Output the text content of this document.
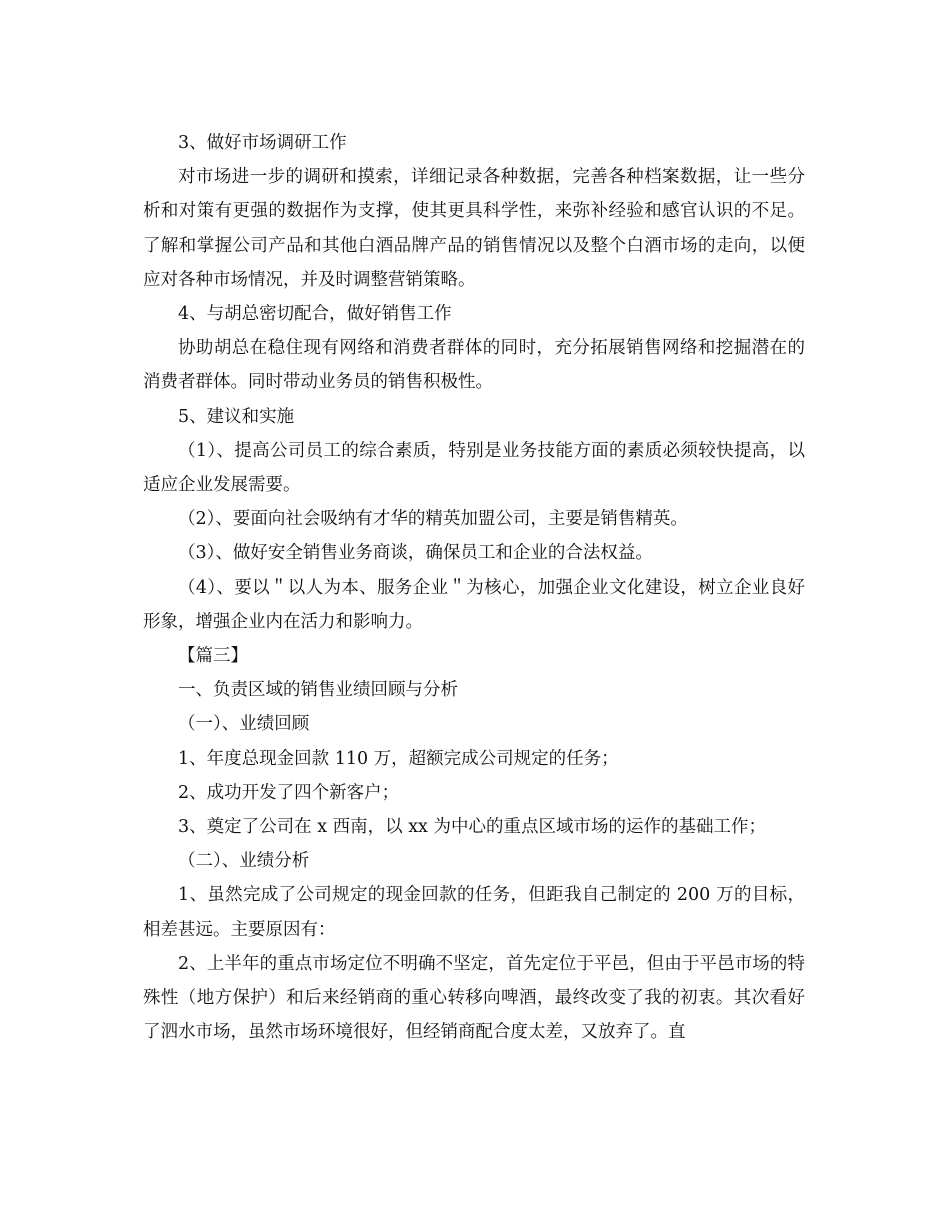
3、做好市场调研工作

对市场进一步的调研和摸索，详细记录各种数据，完善各种档案数据，让一些分析和对策有更强的数据作为支撑，使其更具科学性，来弥补经验和感官认识的不足。了解和掌握公司产品和其他白酒品牌产品的销售情况以及整个白酒市场的走向，以便应对各种市场情况，并及时调整营销策略。

4、与胡总密切配合，做好销售工作

协助胡总在稳住现有网络和消费者群体的同时，充分拓展销售网络和挖掘潜在的消费者群体。同时带动业务员的销售积极性。

5、建议和实施

（1）、提高公司员工的综合素质，特别是业务技能方面的素质必须较快提高，以适应企业发展需要。

（2）、要面向社会吸纳有才华的精英加盟公司，主要是销售精英。

（3）、做好安全销售业务商谈，确保员工和企业的合法权益。

（4）、要以＂以人为本、服务企业＂为核心，加强企业文化建设，树立企业良好形象，增强企业内在活力和影响力。

【篇三】

一、负责区域的销售业绩回顾与分析

（一）、业绩回顾

1、年度总现金回款 110 万，超额完成公司规定的任务；

2、成功开发了四个新客户；

3、奠定了公司在 x 西南，以 xx 为中心的重点区域市场的运作的基础工作；

（二）、业绩分析

1、虽然完成了公司规定的现金回款的任务，但距我自己制定的 200 万的目标，相差甚远。主要原因有：

2、上半年的重点市场定位不明确不坚定，首先定位于平邑，但由于平邑市场的特殊性（地方保护）和后来经销商的重心转移向啤酒，最终改变了我的初衷。其次看好了泗水市场，虽然市场环境很好，但经销商配合度太差，又放弃了。直
